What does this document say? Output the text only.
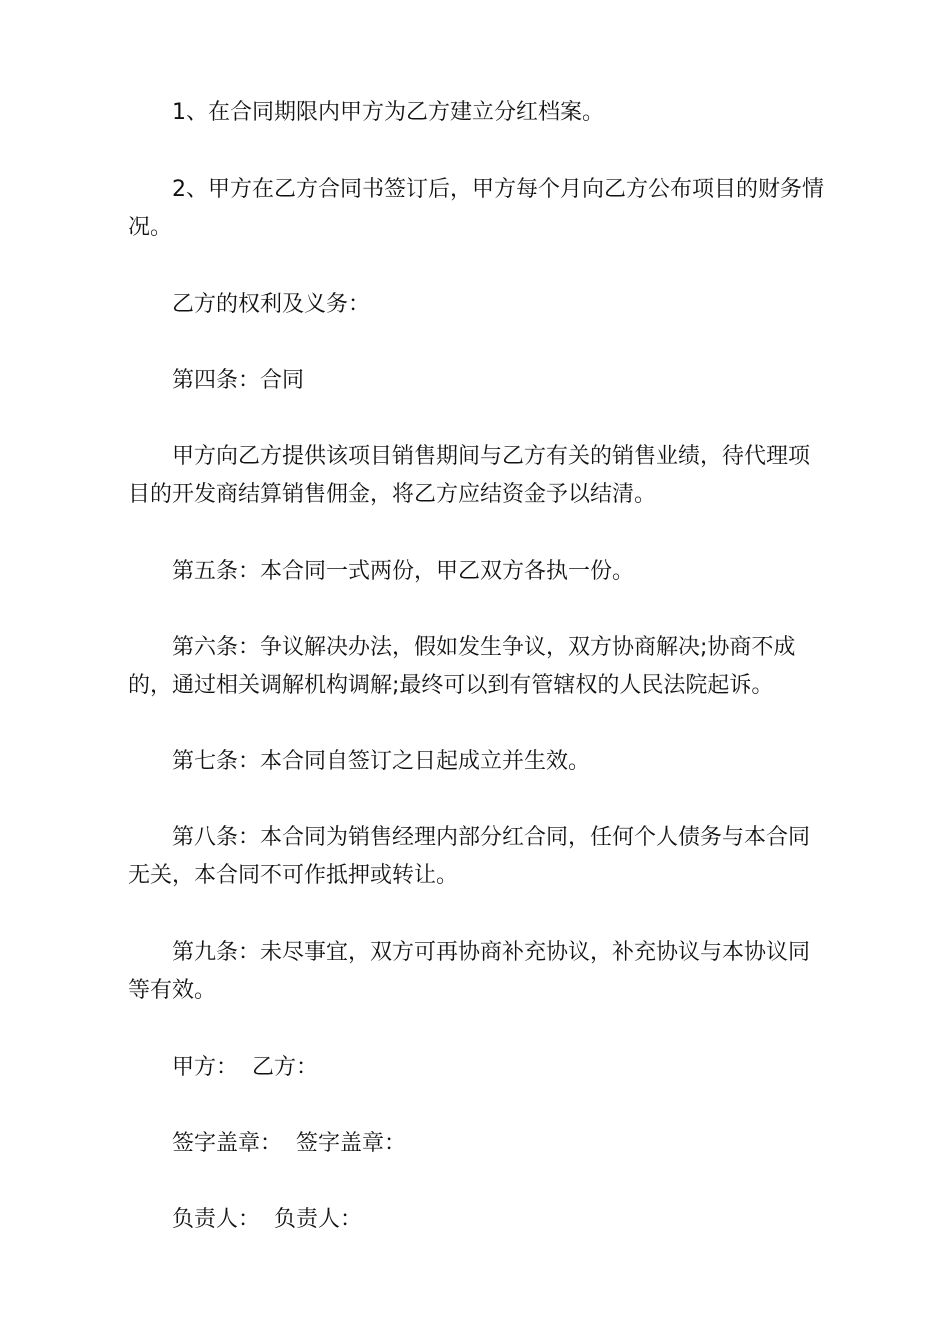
1、在合同期限内甲方为乙方建立分红档案。

2、甲方在乙方合同书签订后，甲方每个月向乙方公布项目的财务情况。

乙方的权利及义务：

第四条：合同

甲方向乙方提供该项目销售期间与乙方有关的销售业绩，待代理项目的开发商结算销售佣金，将乙方应结资金予以结清。

第五条：本合同一式两份，甲乙双方各执一份。

第六条：争议解决办法，假如发生争议，双方协商解决;协商不成的，通过相关调解机构调解;最终可以到有管辖权的人民法院起诉。

第七条：本合同自签订之日起成立并生效。

第八条：本合同为销售经理内部分红合同，任何个人债务与本合同无关，本合同不可作抵押或转让。

第九条：未尽事宜，双方可再协商补充协议，补充协议与本协议同等有效。

甲方：  乙方：

签字盖章：  签字盖章：

负责人：  负责人：
